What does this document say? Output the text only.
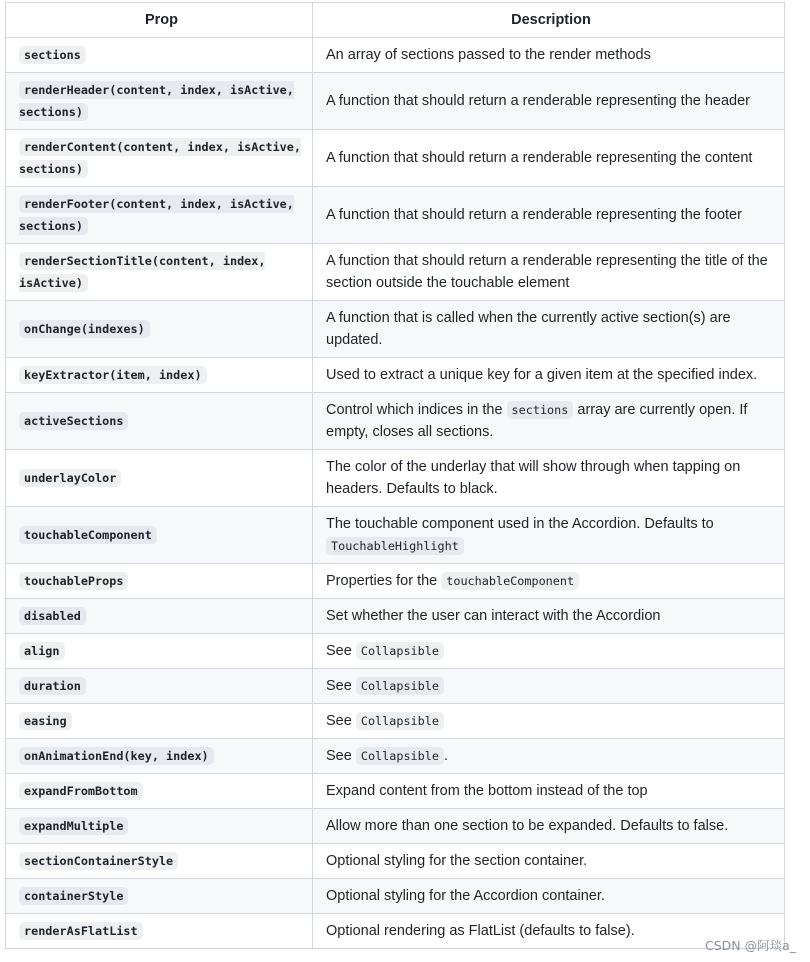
Prop	Description
sections	An array of sections passed to the render methods
renderHeader(content, index, isActive, sections)	A function that should return a renderable representing the header
renderContent(content, index, isActive, sections)	A function that should return a renderable representing the content
renderFooter(content, index, isActive, sections)	A function that should return a renderable representing the footer
renderSectionTitle(content, index, isActive)	A function that should return a renderable representing the title of the section outside the touchable element
onChange(indexes)	A function that is called when the currently active section(s) are updated.
keyExtractor(item, index)	Used to extract a unique key for a given item at the specified index.
activeSections	Control which indices in the sections array are currently open. If empty, closes all sections.
underlayColor	The color of the underlay that will show through when tapping on headers. Defaults to black.
touchableComponent	The touchable component used in the Accordion. Defaults to TouchableHighlight
touchableProps	Properties for the touchableComponent
disabled	Set whether the user can interact with the Accordion
align	See Collapsible
duration	See Collapsible
easing	See Collapsible
onAnimationEnd(key, index)	See Collapsible .
expandFromBottom	Expand content from the bottom instead of the top
expandMultiple	Allow more than one section to be expanded. Defaults to false.
sectionContainerStyle	Optional styling for the section container.
containerStyle	Optional styling for the Accordion container.
renderAsFlatList	Optional rendering as FlatList (defaults to false).
CSDN @阿琰a_
